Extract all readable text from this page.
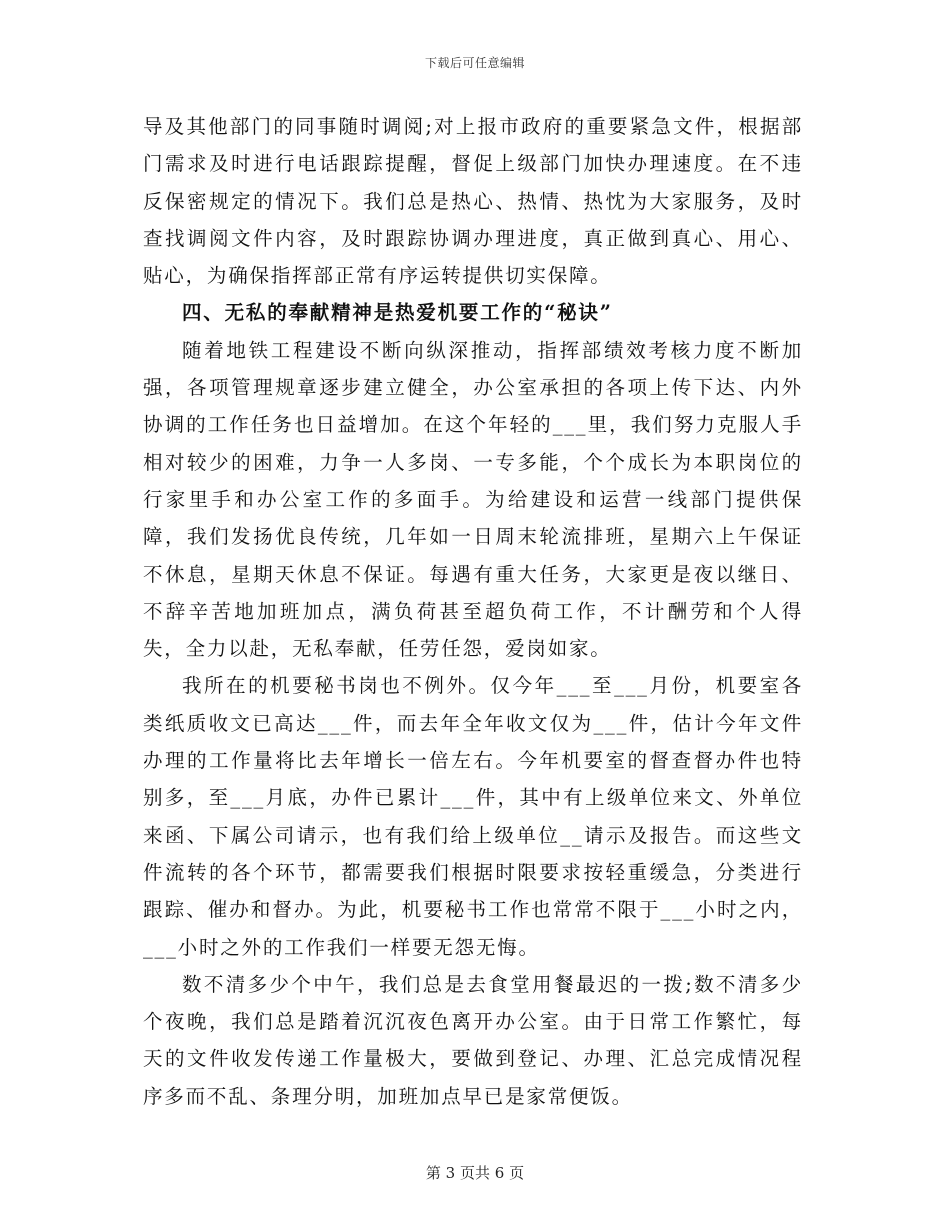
下载后可任意编辑

导及其他部门的同事随时调阅;对上报市政府的重要紧急文件，根据部门需求及时进行电话跟踪提醒，督促上级部门加快办理速度。在不违反保密规定的情况下。我们总是热心、热情、热忱为大家服务，及时查找调阅文件内容，及时跟踪协调办理进度，真正做到真心、用心、贴心，为确保指挥部正常有序运转提供切实保障。

四、无私的奉献精神是热爱机要工作的“秘诀”

随着地铁工程建设不断向纵深推动，指挥部绩效考核力度不断加强，各项管理规章逐步建立健全，办公室承担的各项上传下达、内外协调的工作任务也日益增加。在这个年轻的___里，我们努力克服人手相对较少的困难，力争一人多岗、一专多能，个个成长为本职岗位的行家里手和办公室工作的多面手。为给建设和运营一线部门提供保障，我们发扬优良传统，几年如一日周末轮流排班，星期六上午保证不休息，星期天休息不保证。每遇有重大任务，大家更是夜以继日、不辞辛苦地加班加点，满负荷甚至超负荷工作，不计酬劳和个人得失，全力以赴，无私奉献，任劳任怨，爱岗如家。

我所在的机要秘书岗也不例外。仅今年___至___月份，机要室各类纸质收文已高达___件，而去年全年收文仅为___件，估计今年文件办理的工作量将比去年增长一倍左右。今年机要室的督查督办件也特别多，至___月底，办件已累计___件，其中有上级单位来文、外单位来函、下属公司请示，也有我们给上级单位__请示及报告。而这些文件流转的各个环节，都需要我们根据时限要求按轻重缓急，分类进行跟踪、催办和督办。为此，机要秘书工作也常常不限于___小时之内，___小时之外的工作我们一样要无怨无悔。

数不清多少个中午，我们总是去食堂用餐最迟的一拨;数不清多少个夜晚，我们总是踏着沉沉夜色离开办公室。由于日常工作繁忙，每天的文件收发传递工作量极大，要做到登记、办理、汇总完成情况程序多而不乱、条理分明，加班加点早已是家常便饭。

第 3 页共 6 页
